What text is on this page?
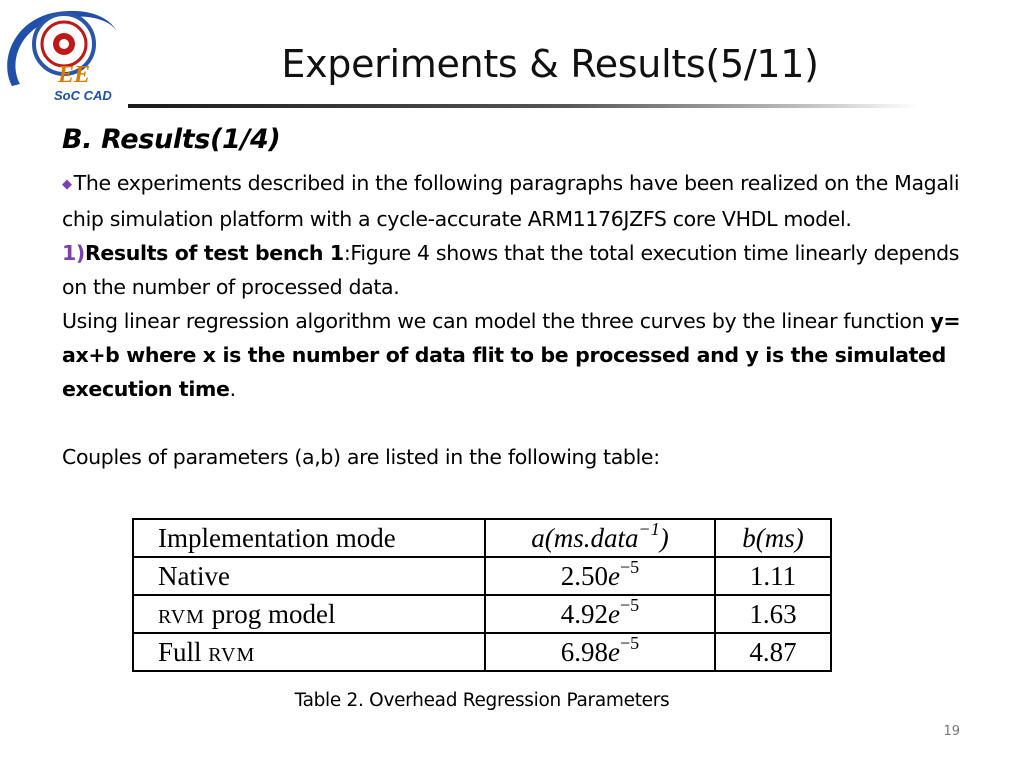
EE
SoC CAD
Experiments & Results(5/11)
B. Results(1/4)
◆The experiments described in the following paragraphs have been realized on the Magali chip simulation platform with a cycle-accurate ARM1176JZFS core VHDL model.
1)Results of test bench 1:Figure 4 shows that the total execution time linearly depends on the number of processed data.
Using linear regression algorithm we can model the three curves by the linear function y= ax+b where x is the number of data flit to be processed and y is the simulated execution time.
Couples of parameters (a,b) are listed in the following table:
Implementation mode	a(ms.data$^{-1}$)	b(ms)
Native	$2.50e^{-5}$	1.11
RVM prog model	$4.92e^{-5}$	1.63
Full RVM	$6.98e^{-5}$	4.87
Table 2. Overhead Regression Parameters
19
